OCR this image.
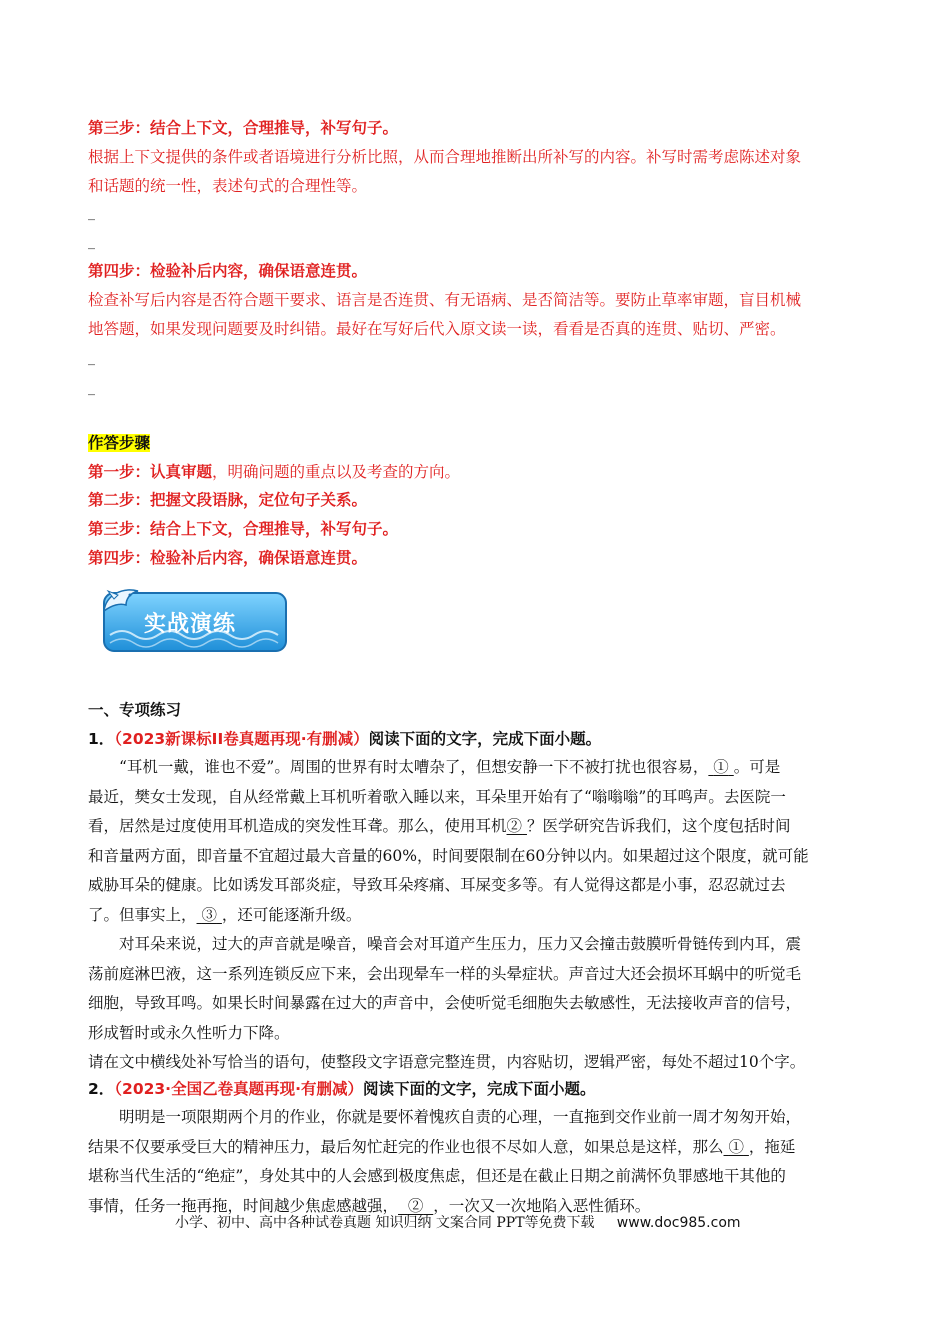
第三步：结合上下文，合理推导，补写句子。
根据上下文提供的条件或者语境进行分析比照，从而合理地推断出所补写的内容。补写时需考虑陈述对象
和话题的统一性，表述句式的合理性等。
_
_
第四步：检验补后内容，确保语意连贯。
检查补写后内容是否符合题干要求、语言是否连贯、有无语病、是否简洁等。要防止草率审题，盲目机械
地答题，如果发现问题要及时纠错。最好在写好后代入原文读一读，看看是否真的连贯、贴切、严密。
_
_
作答步骤
第一步：认真审题，明确问题的重点以及考查的方向。
第二步：把握文段语脉，定位句子关系。
第三步：结合上下文，合理推导，补写句子。
第四步：检验补后内容，确保语意连贯。
实战演练
一、专项练习
1．（2023新课标II卷真题再现·有删减）阅读下面的文字，完成下面小题。
“耳机一戴，谁也不爱”。周围的世界有时太嘈杂了，但想安静一下不被打扰也很容易， ① 。可是
最近，樊女士发现，自从经常戴上耳机听着歌入睡以来，耳朵里开始有了“嗡嗡嗡”的耳鸣声。去医院一
看，居然是过度使用耳机造成的突发性耳聋。那么，使用耳机② ？医学研究告诉我们，这个度包括时间
和音量两方面，即音量不宜超过最大音量的60%，时间要限制在60分钟以内。如果超过这个限度，就可能
威胁耳朵的健康。比如诱发耳部炎症，导致耳朵疼痛、耳屎变多等。有人觉得这都是小事，忍忍就过去
了。但事实上， ③ ，还可能逐渐升级。
对耳朵来说，过大的声音就是噪音，噪音会对耳道产生压力，压力又会撞击鼓膜听骨链传到内耳，震
荡前庭淋巴液，这一系列连锁反应下来，会出现晕车一样的头晕症状。声音过大还会损坏耳蜗中的听觉毛
细胞，导致耳鸣。如果长时间暴露在过大的声音中，会使听觉毛细胞失去敏感性，无法接收声音的信号，
形成暂时或永久性听力下降。
请在文中横线处补写恰当的语句，使整段文字语意完整连贯，内容贴切，逻辑严密，每处不超过10个字。
2．（2023·全国乙卷真题再现·有删减）阅读下面的文字，完成下面小题。
明明是一项限期两个月的作业，你就是要怀着愧疚自责的心理，一直拖到交作业前一周才匆匆开始，
结果不仅要承受巨大的精神压力，最后匆忙赶完的作业也很不尽如人意，如果总是这样，那么 ① ，拖延
堪称当代生活的“绝症”，身处其中的人会感到极度焦虑，但还是在截止日期之前满怀负罪感地干其他的
事情，任务一拖再拖，时间越少焦虑感越强， ② ，一次又一次地陷入恶性循环。
小学、初中、高中各种试卷真题 知识归纳 文案合同 PPT等免费下载 www.doc985.com
